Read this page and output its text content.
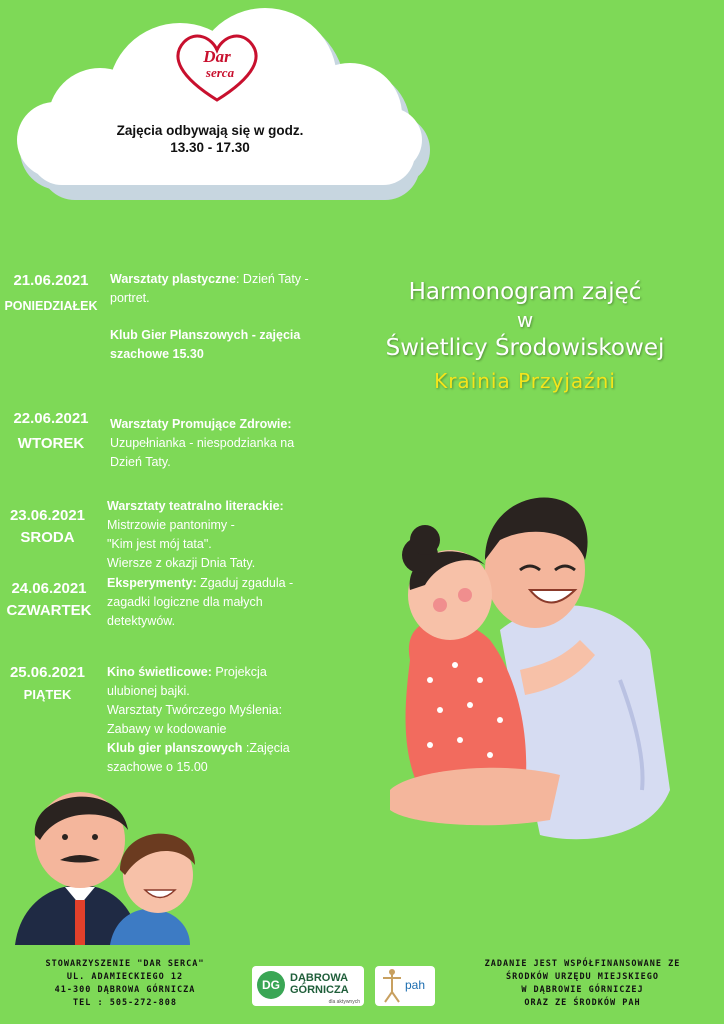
Dar
serca
Zajęcia odbywają się w godz.
13.30 - 17.30
Harmonogram zajęć
w
Świetlicy Środowiskowej
Krainia Przyjaźni
21.06.2021
PONIEDZIAŁEK
Warsztaty plastyczne: Dzień Taty - portret.
Klub Gier Planszowych - zajęcia szachowe 15.30
22.06.2021
WTOREK
Warsztaty Promujące Zdrowie:
Uzupełnianka - niespodzianka na Dzień Taty.
23.06.2021
SRODA
Warsztaty teatralno literackie:
Mistrzowie pantonimy - "Kim jest mój tata".
Wiersze z okazji Dnia Taty.
24.06.2021
CZWARTEK
Eksperymenty: Zgaduj zgadula - zagadki logiczne dla małych detektywów.
25.06.2021
PIĄTEK
Kino świetlicowe: Projekcja ulubionej bajki.
Warsztaty Twórczego Myślenia: Zabawy w kodowanie
Klub gier planszowych :Zajęcia szachowe o 15.00
STOWARZYSZENIE "DAR SERCA"
UL. ADAMIECKIEGO 12
41-300 DĄBROWA GÓRNICZA
TEL : 505-272-808
DG DĄBROWA
GÓRNICZA
dla aktywnych
pah
ZADANIE JEST WSPÓŁFINANSOWANE ZE
ŚRODKÓW URZĘDU MIEJSKIEGO
W DĄBROWIE GÓRNICZEJ
ORAZ ZE ŚRODKÓW PAH
